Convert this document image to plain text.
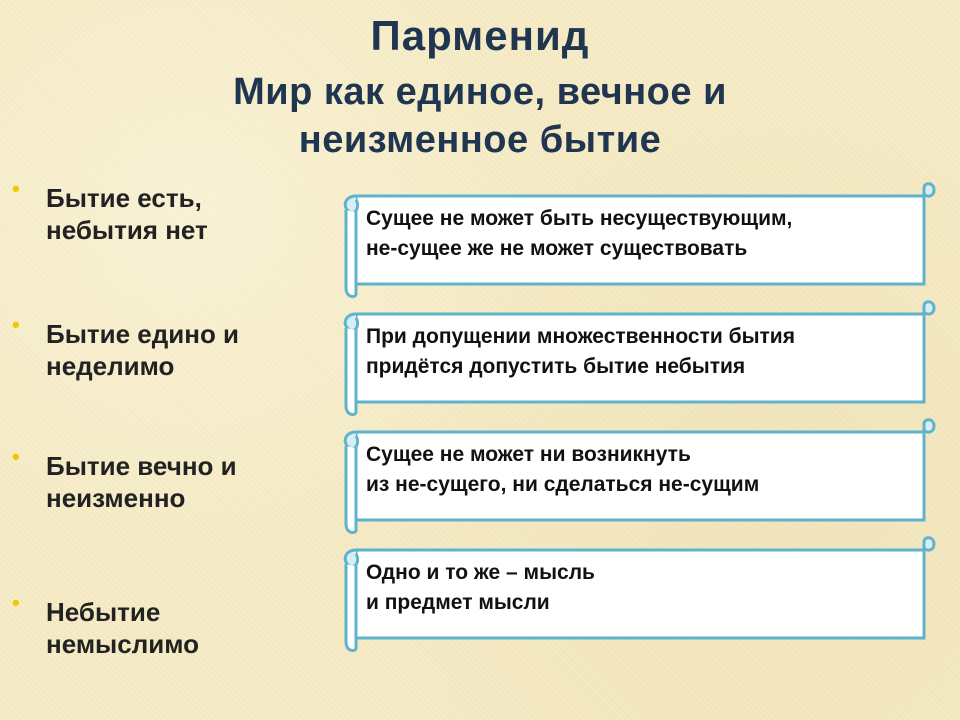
Парменид
Мир как единое, вечное и
неизменное бытие
• Бытие есть,
небытия нет
• Бытие едино и
неделимо
• Бытие вечно и
неизменно
• Небытие
немыслимо
Сущее не может быть несуществующим,
не-сущее же не может существовать
При допущении множественности бытия
придётся допустить бытие небытия
Сущее не может ни возникнуть
из не-сущего, ни сделаться не-сущим
Одно и то же – мысль
и предмет мысли
